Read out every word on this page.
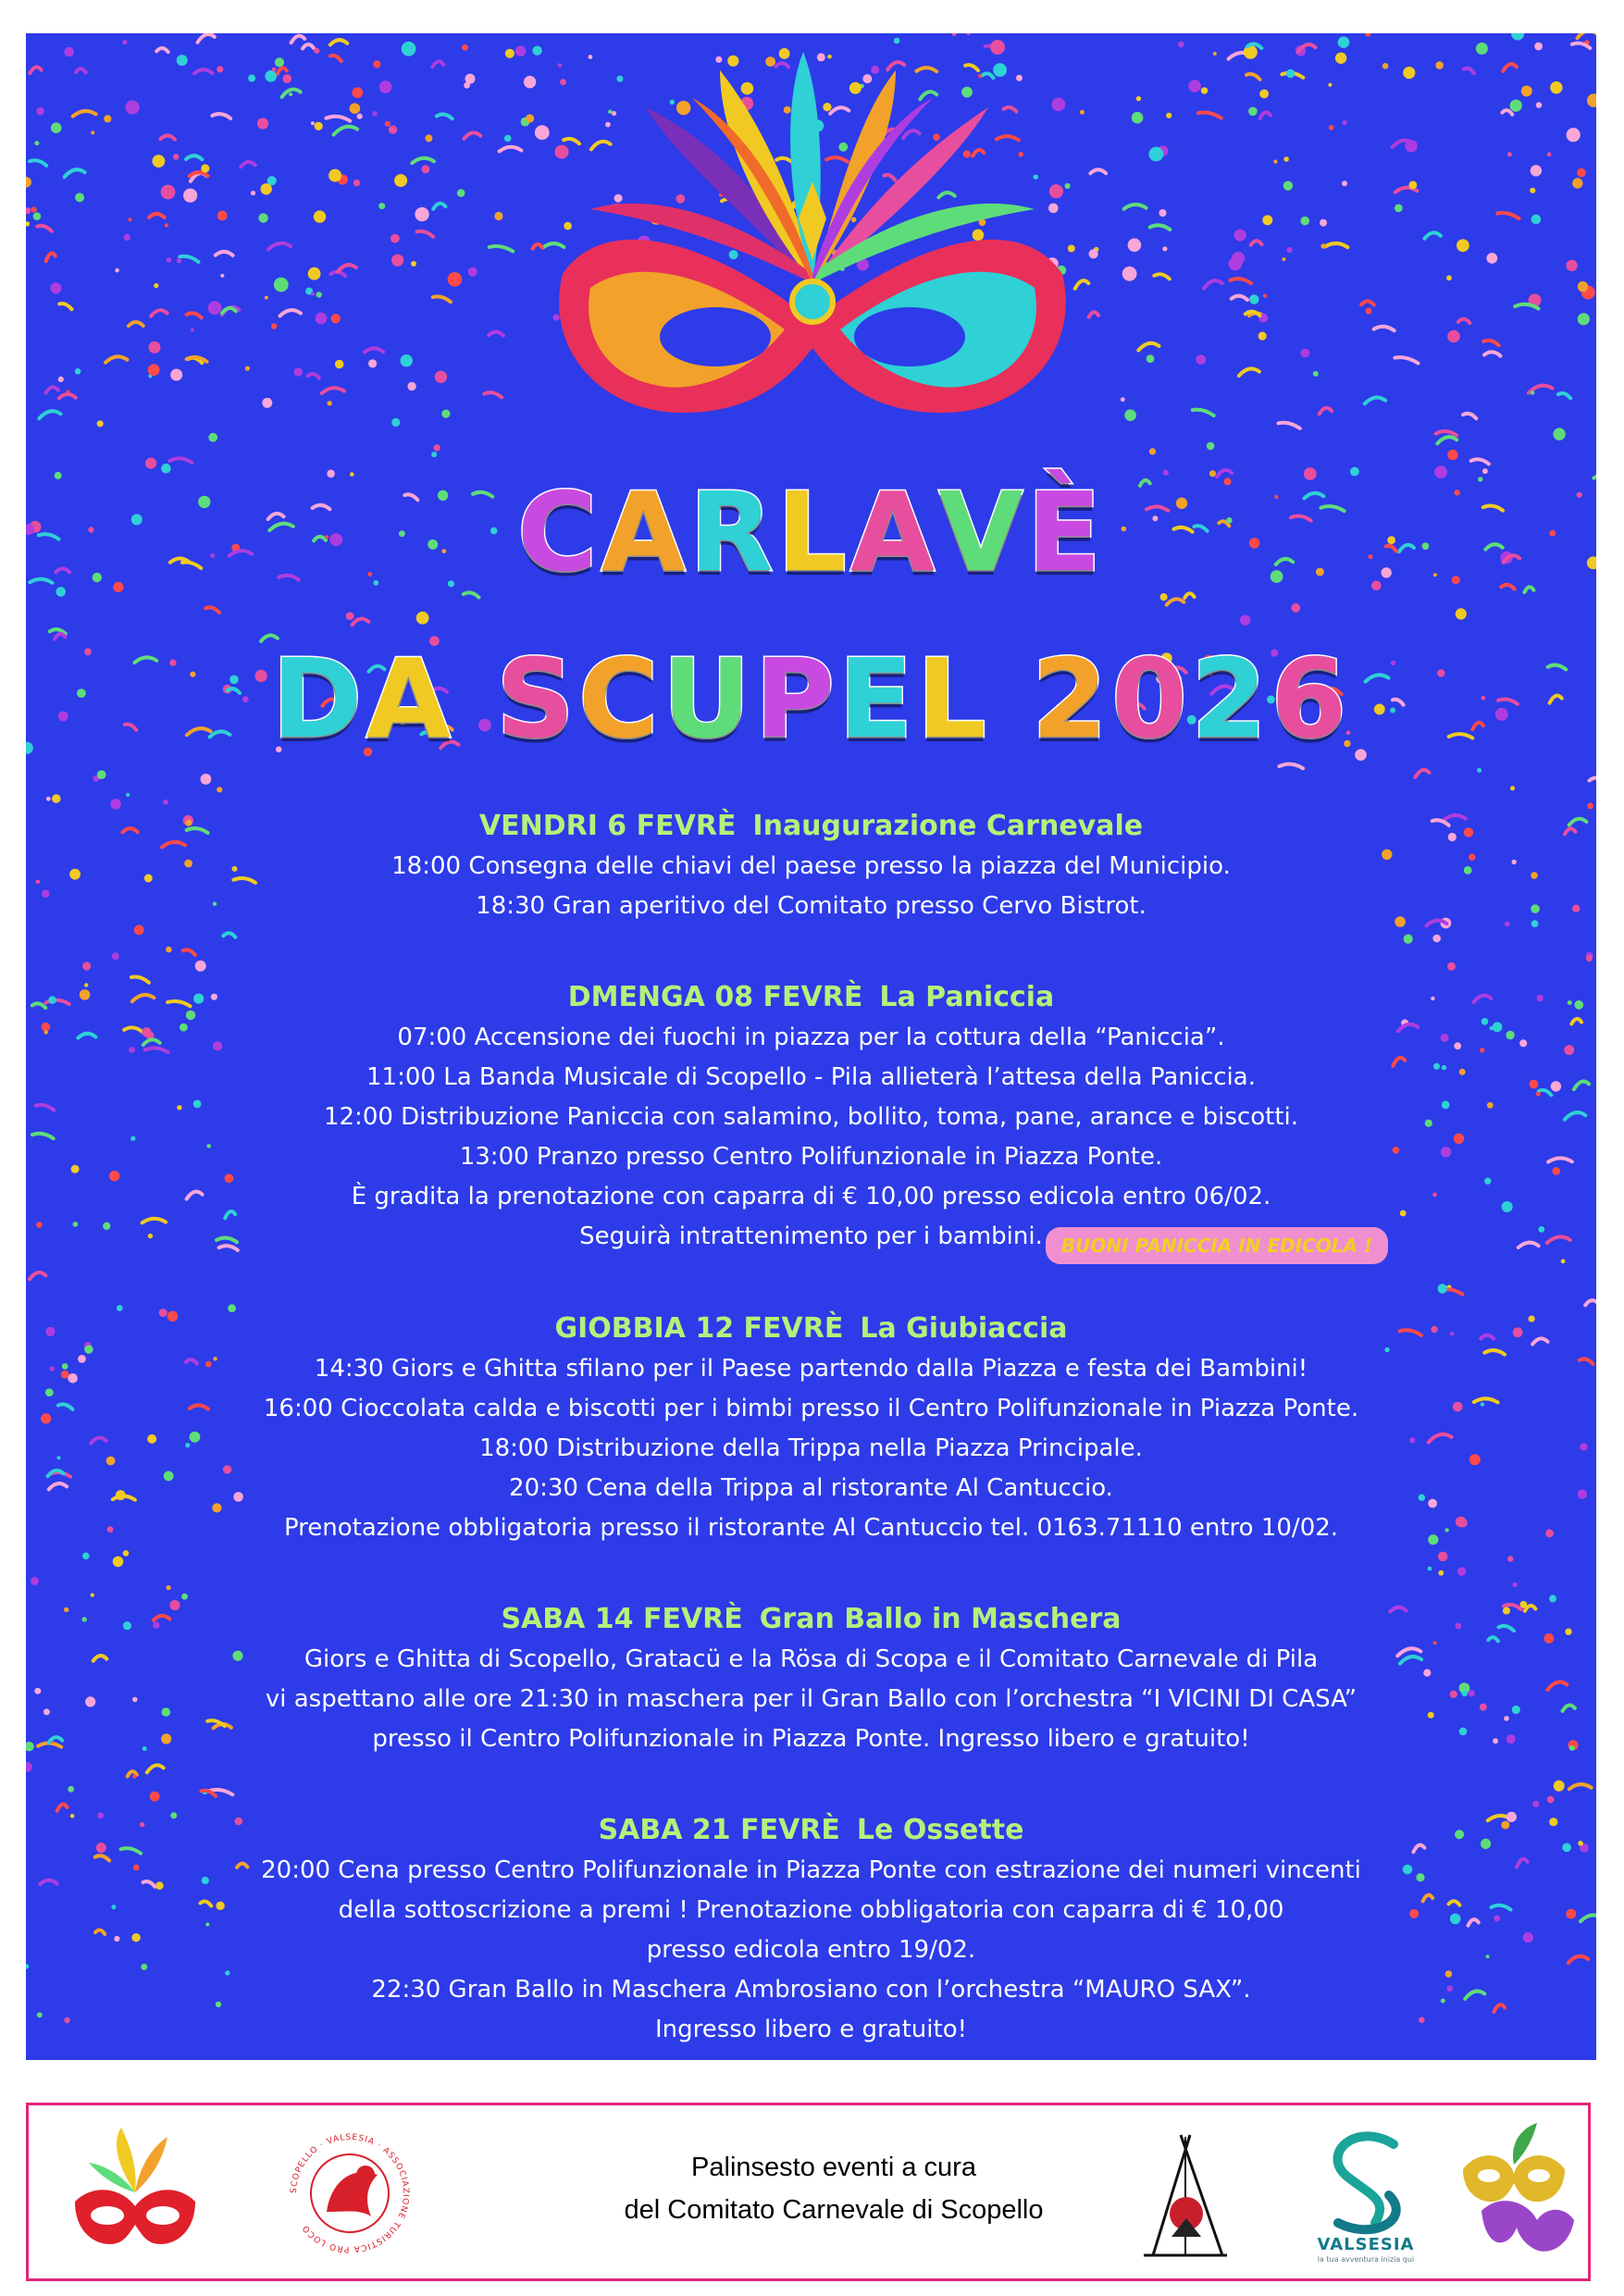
CARLAVÈ
DA SCUPEL 2026
VENDRI 6 FEVRÈ Inaugurazione Carnevale
18:00 Consegna delle chiavi del paese presso la piazza del Municipio.
18:30 Gran aperitivo del Comitato presso Cervo Bistrot.
DMENGA 08 FEVRÈ La Paniccia
07:00 Accensione dei fuochi in piazza per la cottura della “Paniccia”.
11:00 La Banda Musicale di Scopello - Pila allieterà l’attesa della Paniccia.
12:00 Distribuzione Paniccia con salamino, bollito, toma, pane, arance e biscotti.
13:00 Pranzo presso Centro Polifunzionale in Piazza Ponte.
È gradita la prenotazione con caparra di € 10,00 presso edicola entro 06/02.
Seguirà intrattenimento per i bambini.	BUONI PANICCIA IN EDICOLA !
GIOBBIA 12 FEVRÈ La Giubiaccia
14:30 Giors e Ghitta sfilano per il Paese partendo dalla Piazza e festa dei Bambini!
16:00 Cioccolata calda e biscotti per i bimbi presso il Centro Polifunzionale in Piazza Ponte.
18:00 Distribuzione della Trippa nella Piazza Principale.
20:30 Cena della Trippa al ristorante Al Cantuccio.
Prenotazione obbligatoria presso il ristorante Al Cantuccio tel. 0163.71110 entro 10/02.
SABA 14 FEVRÈ Gran Ballo in Maschera
Giors e Ghitta di Scopello, Gratacü e la Rösa di Scopa e il Comitato Carnevale di Pila
vi aspettano alle ore 21:30 in maschera per il Gran Ballo con l’orchestra “I VICINI DI CASA”
presso il Centro Polifunzionale in Piazza Ponte. Ingresso libero e gratuito!
SABA 21 FEVRÈ Le Ossette
20:00 Cena presso Centro Polifunzionale in Piazza Ponte con estrazione dei numeri vincenti
della sottoscrizione a premi ! Prenotazione obbligatoria con caparra di € 10,00
presso edicola entro 19/02.
22:30 Gran Ballo in Maschera Ambrosiano con l’orchestra “MAURO SAX”.
Ingresso libero e gratuito!
SCOPELLO · VALSESIA · ASSOCIAZIONE TURISTICA PRO LOCO
Palinsesto eventi a cura
del Comitato Carnevale di Scopello
VALSESIA
la tua avventura inizia qui
